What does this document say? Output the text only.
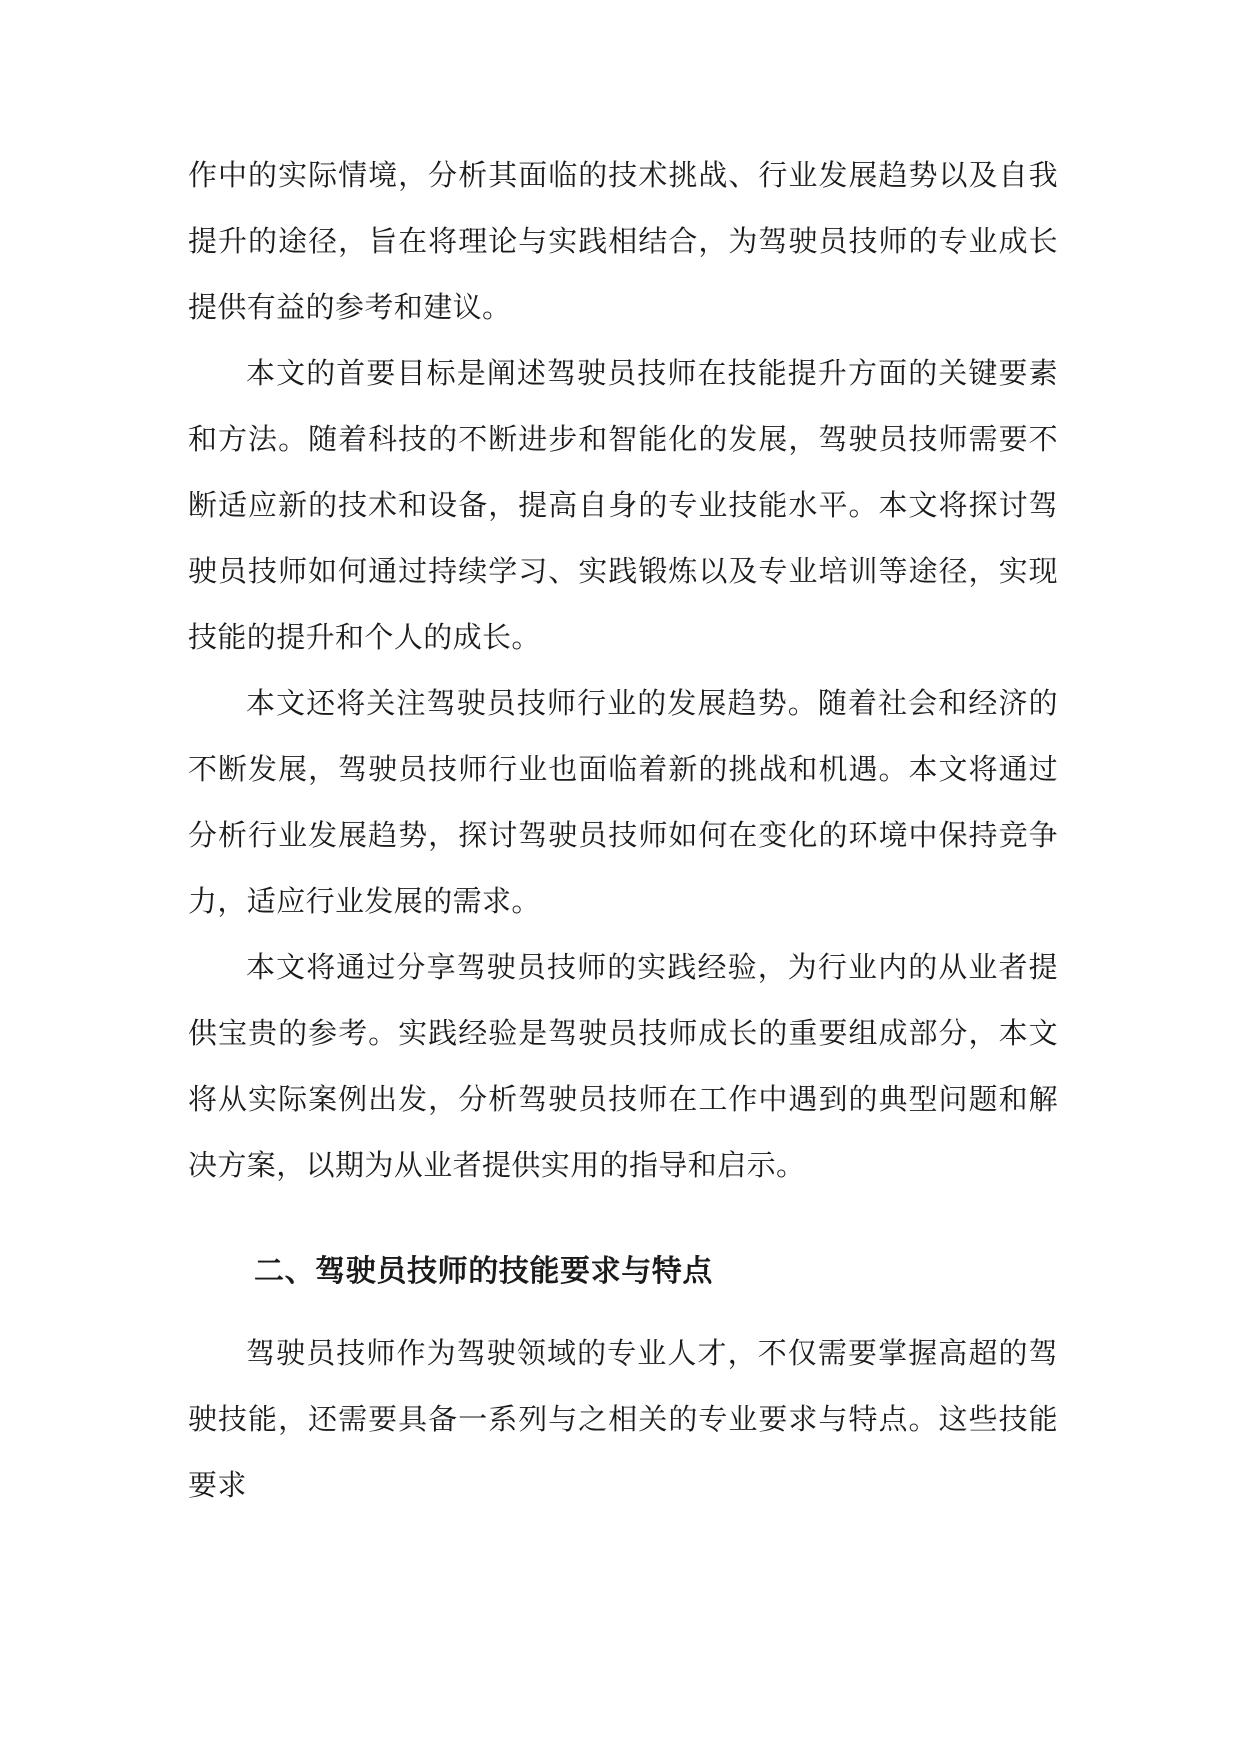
作中的实际情境，分析其面临的技术挑战、行业发展趋势以及自我提升的途径，旨在将理论与实践相结合，为驾驶员技师的专业成长提供有益的参考和建议。

本文的首要目标是阐述驾驶员技师在技能提升方面的关键要素和方法。随着科技的不断进步和智能化的发展，驾驶员技师需要不断适应新的技术和设备，提高自身的专业技能水平。本文将探讨驾驶员技师如何通过持续学习、实践锻炼以及专业培训等途径，实现技能的提升和个人的成长。

本文还将关注驾驶员技师行业的发展趋势。随着社会和经济的不断发展，驾驶员技师行业也面临着新的挑战和机遇。本文将通过分析行业发展趋势，探讨驾驶员技师如何在变化的环境中保持竞争力，适应行业发展的需求。

本文将通过分享驾驶员技师的实践经验，为行业内的从业者提供宝贵的参考。实践经验是驾驶员技师成长的重要组成部分，本文将从实际案例出发，分析驾驶员技师在工作中遇到的典型问题和解决方案，以期为从业者提供实用的指导和启示。

二、驾驶员技师的技能要求与特点

驾驶员技师作为驾驶领域的专业人才，不仅需要掌握高超的驾驶技能，还需要具备一系列与之相关的专业要求与特点。这些技能要求
